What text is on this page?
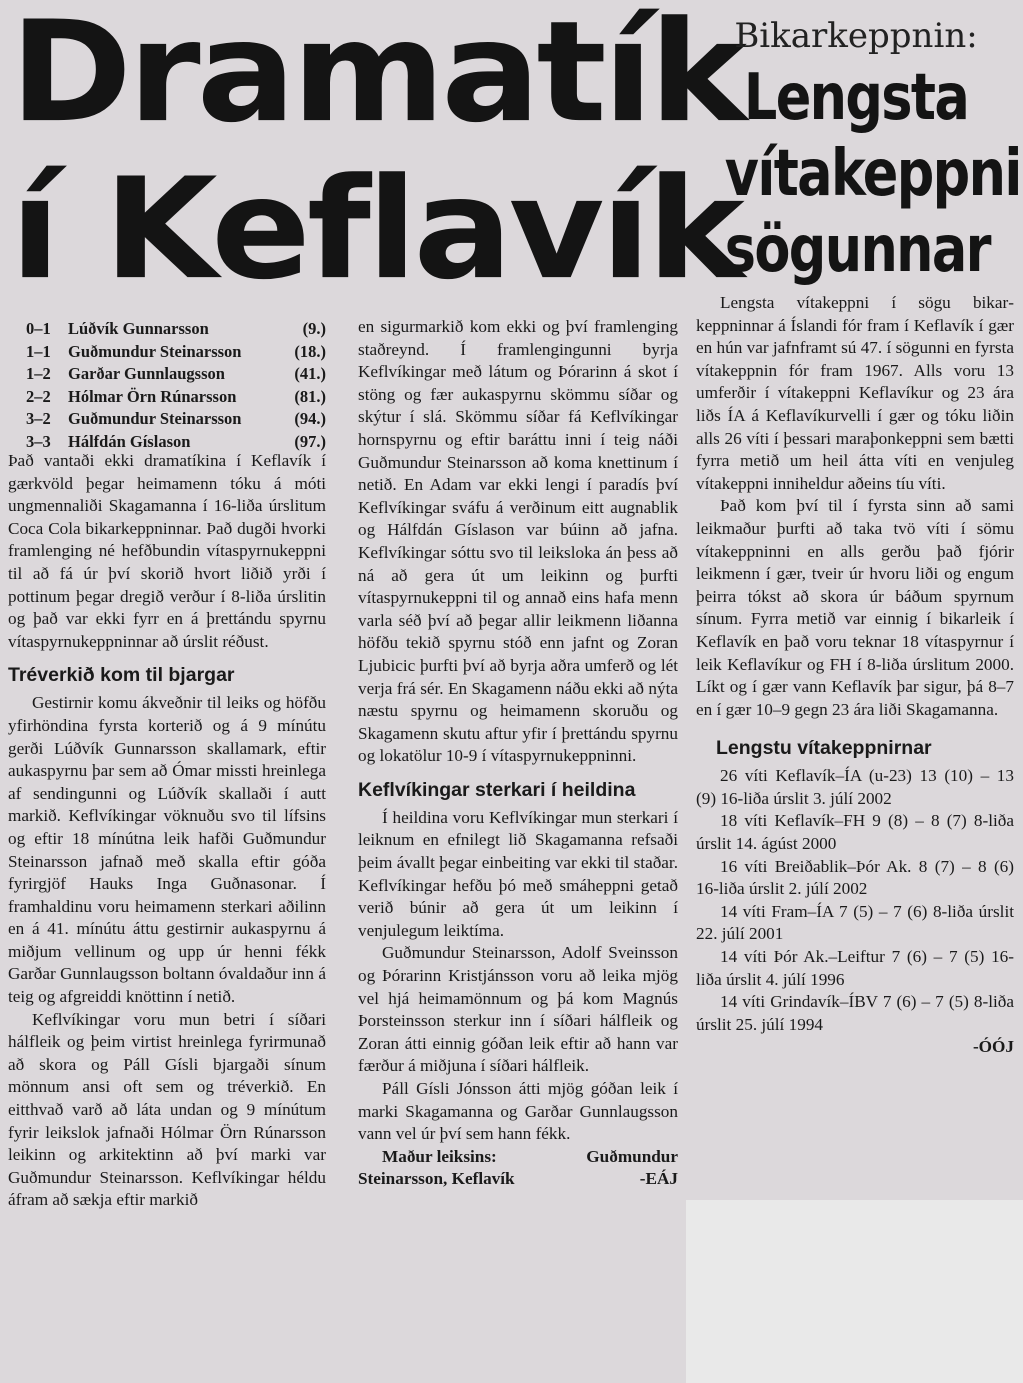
Dramatík
í Keflavík
0–1	Lúðvík Gunnarsson	(9.)
1–1	Guðmundur Steinarsson	(18.)
1–2	Garðar Gunnlaugsson	(41.)
2–2	Hólmar Örn Rúnarsson	(81.)
3–2	Guðmundur Steinarsson	(94.)
3–3	Hálfdán Gíslason	(97.)

Það vantaði ekki dramatíkina í Keflavík í gærkvöld þegar heimamenn tóku á móti ungmennaliði Skagamanna í 16-liða úrslitum Coca Cola bikarkeppninnar. Það dugði hvorki framlenging né hefðbundin vítaspyrnukeppni til að fá úr því skorið hvort liðið yrði í pottinum þegar dregið verður í 8-liða úrslitin og það var ekki fyrr en á þrettándu spyrnu vítaspyrnukeppninnar að úrslit réðust.

Tréverkið kom til bjargar

Gestirnir komu ákveðnir til leiks og höfðu yfirhöndina fyrsta korterið og á 9 mínútu gerði Lúðvík Gunnarsson skallamark, eftir aukaspyrnu þar sem að Ómar missti hreinlega af sendingunni og Lúðvík skallaði í autt markið. Keflvíkingar vöknuðu svo til lífsins og eftir 18 mínútna leik hafði Guðmundur Steinarsson jafnað með skalla eftir góða fyrirgjöf Hauks Inga Guðnasonar. Í framhaldinu voru heimamenn sterkari aðilinn en á 41. mínútu áttu gestirnir aukaspyrnu á miðjum vellinum og upp úr henni fékk Garðar Gunnlaugsson boltann óvaldaður inn á teig og afgreiddi knöttinn í netið.

Keflvíkingar voru mun betri í síðari hálfleik og þeim virtist hreinlega fyrirmunað að skora og Páll Gísli bjargaði sínum mönnum ansi oft sem og tréverkið. En eitthvað varð að láta undan og 9 mínútum fyrir leikslok jafnaði Hólmar Örn Rúnarsson leikinn og arkitektinn að því marki var Guðmundur Steinarsson. Keflvíkingar héldu áfram að sækja eftir markið

en sigurmarkið kom ekki og því framlenging staðreynd. Í framlengingunni byrja Keflvíkingar með látum og Þórarinn á skot í stöng og fær aukaspyrnu skömmu síðar og skýtur í slá. Skömmu síðar fá Keflvíkingar hornspyrnu og eftir baráttu inni í teig náði Guðmundur Steinarsson að koma knettinum í netið. En Adam var ekki lengi í paradís því Keflvíkingar sváfu á verðinum eitt augnablik og Hálfdán Gíslason var búinn að jafna. Keflvíkingar sóttu svo til leiksloka án þess að ná að gera út um leikinn og þurfti vítaspyrnukeppni til og annað eins hafa menn varla séð því að þegar allir leikmenn liðanna höfðu tekið spyrnu stóð enn jafnt og Zoran Ljubicic þurfti því að byrja aðra umferð og lét verja frá sér. En Skagamenn náðu ekki að nýta næstu spyrnu og heimamenn skoruðu og Skagamenn skutu aftur yfir í þrettándu spyrnu og lokatölur 10-9 í vítaspyrnukeppninni.

Keflvíkingar sterkari í heildina

Í heildina voru Keflvíkingar mun sterkari í leiknum en efnilegt lið Skagamanna refsaði þeim ávallt þegar einbeiting var ekki til staðar. Keflvíkingar hefðu þó með smáheppni getað verið búnir að gera út um leikinn í venjulegum leiktíma.

Guðmundur Steinarsson, Adolf Sveinsson og Þórarinn Kristjánsson voru að leika mjög vel hjá heimamönnum og þá kom Magnús Þorsteinsson sterkur inn í síðari hálfleik og Zoran átti einnig góðan leik eftir að hann var færður á miðjuna í síðari hálfleik.

Páll Gísli Jónsson átti mjög góðan leik í marki Skagamanna og Garðar Gunnlaugsson vann vel úr því sem hann fékk.

Maður leiksins:	Guðmundur
Steinarsson, Keflavík	-EÁJ
Bikarkeppnin:
Lengsta
vítakeppni
sögunnar

Lengsta vítakeppni í sögu bikarkeppninnar á Íslandi fór fram í Keflavík í gær en hún var jafnframt sú 47. í sögunni en fyrsta vítakeppnin fór fram 1967. Alls voru 13 umferðir í vítakeppni Keflavíkur og 23 ára liðs ÍA á Keflavíkurvelli í gær og tóku liðin alls 26 víti í þessari maraþonkeppni sem bætti fyrra metið um heil átta víti en venjuleg vítakeppni inniheldur aðeins tíu víti.

Það kom því til í fyrsta sinn að sami leikmaður þurfti að taka tvö víti í sömu vítakeppninni en alls gerðu það fjórir leikmenn í gær, tveir úr hvoru liði og engum þeirra tókst að skora úr báðum spyrnum sínum. Fyrra metið var einnig í bikarleik í Keflavík en það voru teknar 18 vítaspyrnur í leik Keflavíkur og FH í 8-liða úrslitum 2000. Líkt og í gær vann Keflavík þar sigur, þá 8–7 en í gær 10–9 gegn 23 ára liði Skagamanna.

Lengstu vítakeppnirnar

26 víti Keflavík–ÍA (u-23) 13 (10) – 13 (9) 16-liða úrslit 3. júlí 2002

18 víti Keflavík–FH 9 (8) – 8 (7) 8-liða úrslit 14. ágúst 2000

16 víti Breiðablik–Þór Ak. 8 (7) – 8 (6) 16-liða úrslit 2. júlí 2002

14 víti Fram–ÍA 7 (5) – 7 (6) 8-liða úrslit 22. júlí 2001

14 víti Þór Ak.–Leiftur 7 (6) – 7 (5) 16-liða úrslit 4. júlí 1996

14 víti Grindavík–ÍBV 7 (6) – 7 (5) 8-liða úrslit 25. júlí 1994

-ÓÓJ
